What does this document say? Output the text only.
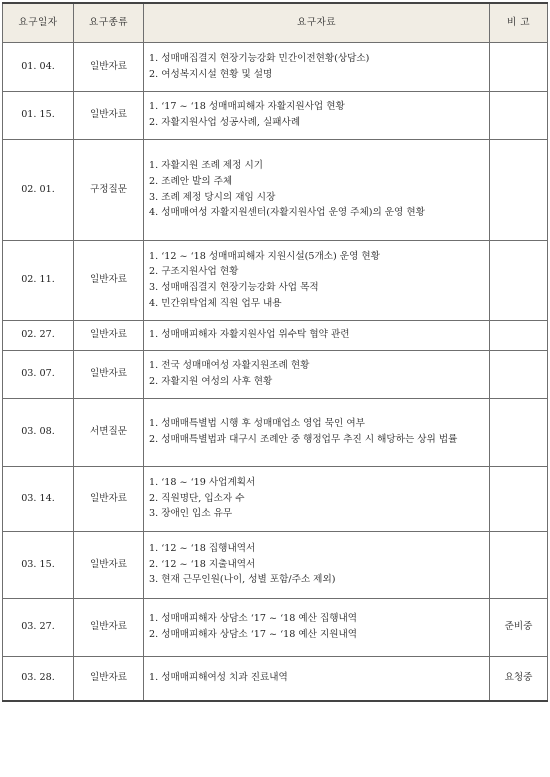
요구일자	요구종류	요구자료	비 고
01. 04.	일반자료	1. 성매매집결지 현장기능강화 민간이전현황(상담소)
2. 여성복지시설 현황 및 설명	

01. 15.	일반자료	1. ‘17 ~ ‘18 성매매피해자 자활지원사업 현황
2. 자활지원사업 성공사례, 실패사례	

02. 01.	구정질문	1. 자활지원 조례 제정 시기
2. 조례안 발의 주체
3. 조례 제정 당시의 재임 시장
4. 성매매여성 자활지원센터(자활지원사업 운영 주체)의 운영 현황	

02. 11.	일반자료	1. ‘12 ~ ‘18 성매매피해자 지원시설(5개소) 운영 현황
2. 구조지원사업 현황
3. 성매매집결지 현장기능강화 사업 목적
4. 민간위탁업체 직원 업무 내용	

02. 27.	일반자료	1. 성매매피해자 자활지원사업 위수탁 협약 관련	

03. 07.	일반자료	1. 전국 성매매여성 자활지원조례 현황
2. 자활지원 여성의 사후 현황	

03. 08.	서면질문	1. 성매매특별법 시행 후 성매매업소 영업 묵인 여부
2. 성매매특별법과 대구시 조례안 중 행정업무 추진 시 해당하는 상위 법률	

03. 14.	일반자료	1. ‘18 ~ ‘19 사업계획서
2. 직원명단, 입소자 수
3. 장애인 입소 유무	

03. 15.	일반자료	1. ‘12 ~ ‘18 집행내역서
2. ‘12 ~ ‘18 지출내역서
3. 현재 근무인원(나이, 성별 포함/주소 제외)	

03. 27.	일반자료	1. 성매매피해자 상담소 ‘17 ~ ‘18 예산 집행내역
2. 성매매피해자 상담소 ‘17 ~ ‘18 예산 지원내역	준비중
03. 28.	일반자료	1. 성매매피해여성 치과 진료내역	요청중
